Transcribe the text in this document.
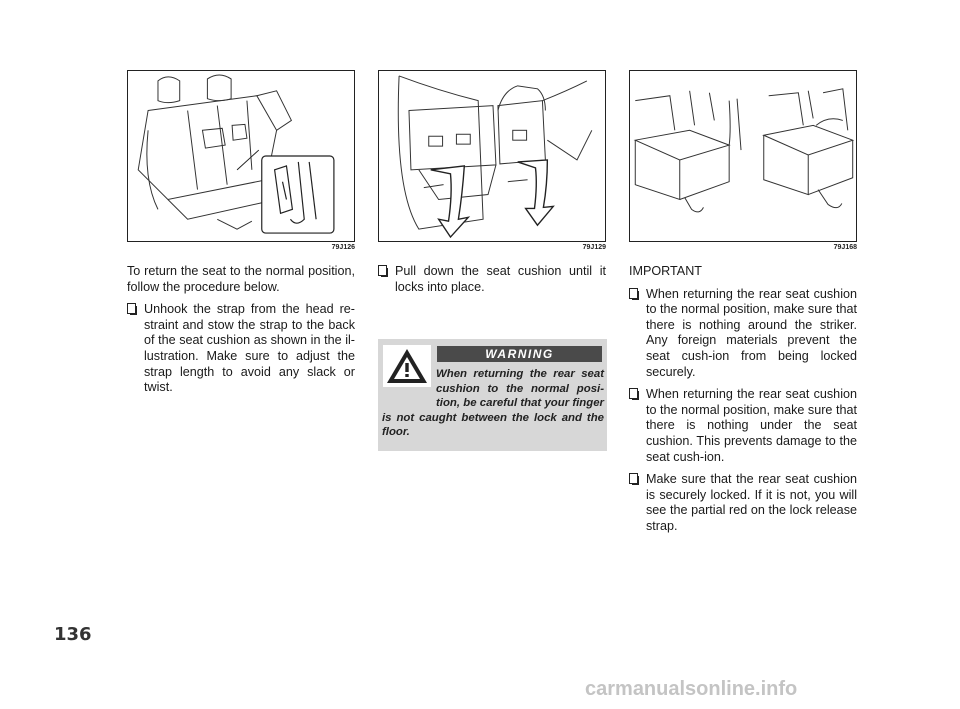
79J126	79J129	79J168

To return the seat to the normal position, follow the procedure below.

Unhook the strap from the head re-straint and stow the strap to the back of the seat cushion as shown in the il-lustration. Make sure to adjust the strap length to avoid any slack or twist.
Pull down the seat cushion until it locks into place.
WARNING
When returning the rear seat cushion to the normal posi-tion, be careful that your finger is not caught between the lock and the floor.

IMPORTANT

When returning the rear seat cushion to the normal position, make sure that there is nothing around the striker. Any foreign materials prevent the seat cush-ion from being locked securely.
When returning the rear seat cushion to the normal position, make sure that there is nothing under the seat cushion. This prevents damage to the seat cush-ion.
Make sure that the rear seat cushion is securely locked. If it is not, you will see the partial red on the lock release strap.
136
carmanualsonline.info
